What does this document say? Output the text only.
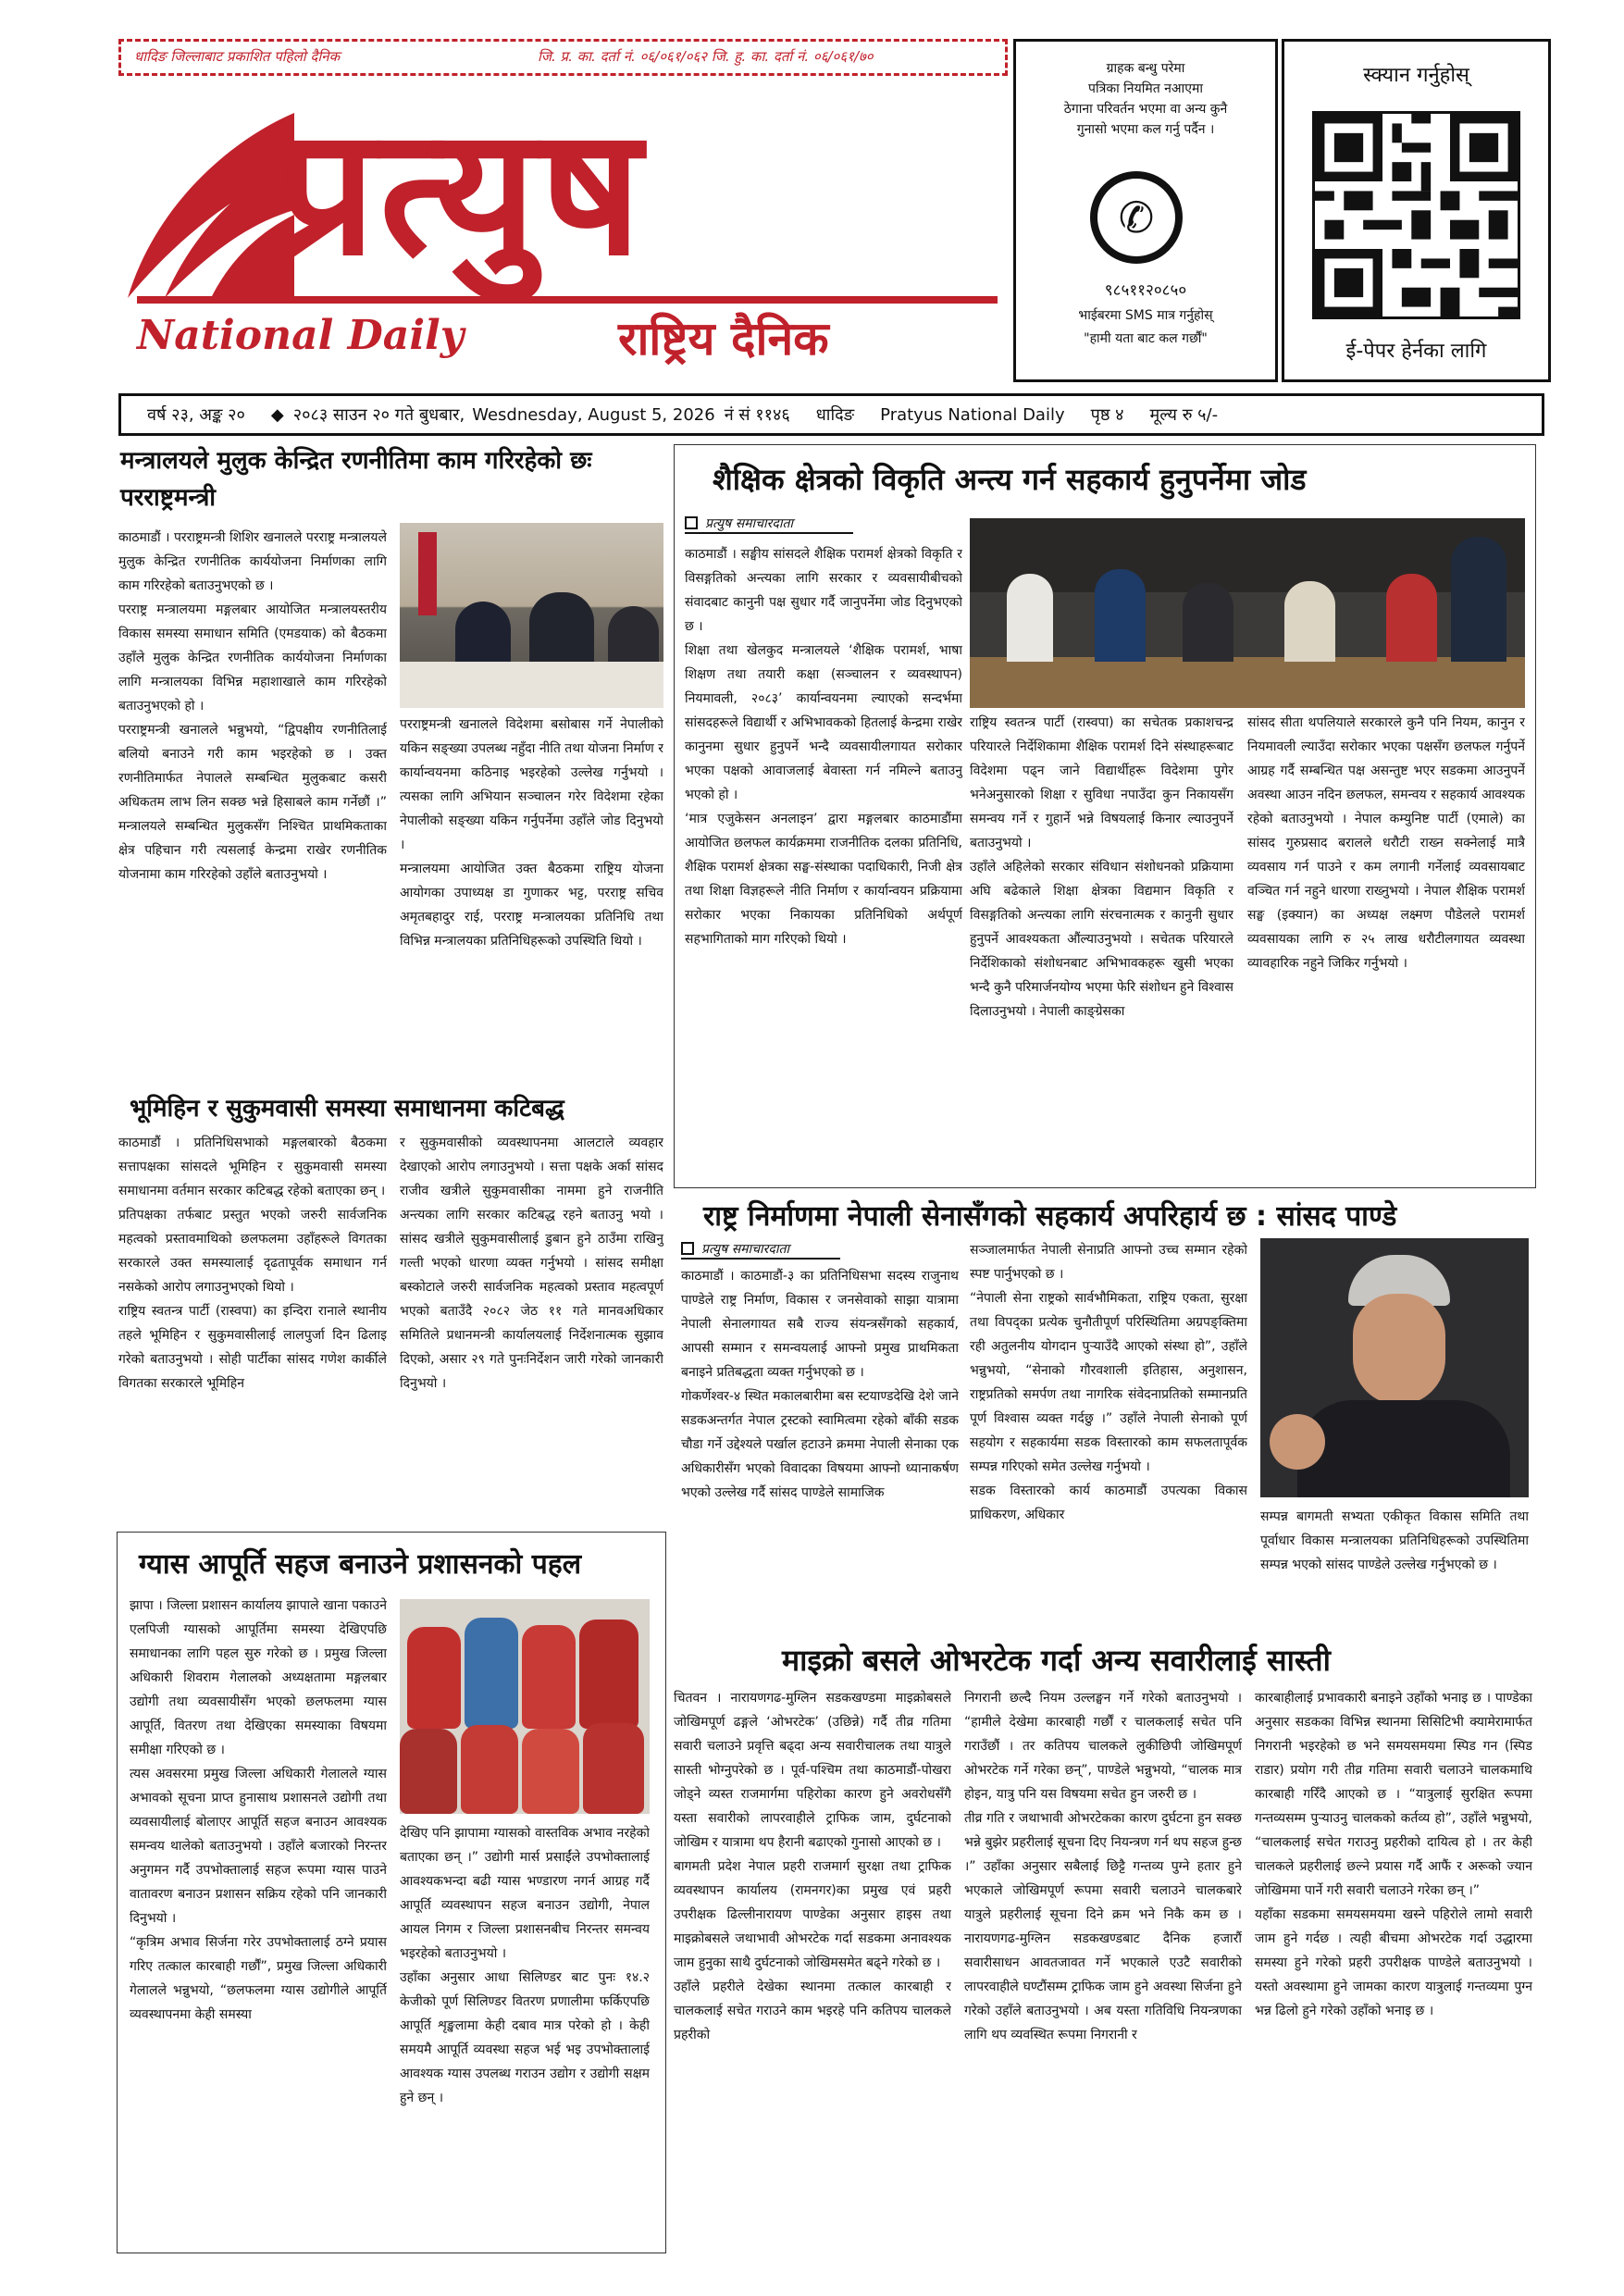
धादिङ जिल्लाबाट प्रकाशित पहिलो दैनिक	जि. प्र. का. दर्ता नं. ०६/०६१/०६२ जि. हु. का. दर्ता नं. ०६/०६१/७०
प्रत्युष
National Daily	राष्ट्रिय दैनिक
ग्राहक बन्धु परेमा
पत्रिका नियमित नआएमा
ठेगाना परिवर्तन भएमा वा अन्य कुनै
गुनासो भएमा कल गर्नु पर्दैन ।
✆
९८५११२०८५०
भाईबरमा SMS मात्र गर्नुहोस्
"हामी यता बाट कल गर्छौं"
स्क्यान गर्नुहोस्
ई-पेपर हेर्नका लागि
वर्ष २३, अङ्क २० ◆ २०८३ साउन २० गते बुधबार, Wesdnesday, August 5, 2026 नं सं ११४६ धादिङ Pratyus National Daily पृष्ठ ४ मूल्य रु ५/-
मन्त्रालयले मुलुक केन्द्रित रणनीतिमा काम गरिरहेको छः परराष्ट्रमन्त्री
काठमाडौं । परराष्ट्रमन्त्री शिशिर खनालले परराष्ट्र मन्त्रालयले मुलुक केन्द्रित रणनीतिक कार्ययोजना निर्माणका लागि काम गरिरहेको बताउनुभएको छ ।
परराष्ट्र मन्त्रालयमा मङ्गलबार आयोजित मन्त्रालयस्तरीय विकास समस्या समाधान समिति (एमडयाक) को बैठकमा उहाँले मुलुक केन्द्रित रणनीतिक कार्ययोजना निर्माणका लागि मन्त्रालयका विभिन्न महाशाखाले काम गरिरहेको बताउनुभएको हो ।
परराष्ट्रमन्त्री खनालले भन्नुभयो, “द्विपक्षीय रणनीतिलाई बलियो बनाउने गरी काम भइरहेको छ । उक्त रणनीतिमार्फत नेपालले सम्बन्धित मुलुकबाट कसरी अधिकतम लाभ लिन सक्छ भन्ने हिसाबले काम गर्नेछौं ।” मन्त्रालयले सम्बन्धित मुलुकसँग निश्चित प्राथमिकताका क्षेत्र पहिचान गरी त्यसलाई केन्द्रमा राखेर रणनीतिक योजनामा काम गरिरहेको उहाँले बताउनुभयो ।
परराष्ट्रमन्त्री खनालले विदेशमा बसोबास गर्ने नेपालीको यकिन सङ्ख्या उपलब्ध नहुँदा नीति तथा योजना निर्माण र कार्यान्वयनमा कठिनाइ भइरहेको उल्लेख गर्नुभयो । त्यसका लागि अभियान सञ्चालन गरेर विदेशमा रहेका नेपालीको सङ्ख्या यकिन गर्नुपर्नेमा उहाँले जोड दिनुभयो ।
मन्त्रालयमा आयोजित उक्त बैठकमा राष्ट्रिय योजना आयोगका उपाध्यक्ष डा गुणाकर भट्ट, परराष्ट्र सचिव अमृतबहादुर राई, परराष्ट्र मन्त्रालयका प्रतिनिधि तथा विभिन्न मन्त्रालयका प्रतिनिधिहरूको उपस्थिति थियो ।
भूमिहिन र सुकुमवासी समस्या समाधानमा कटिबद्ध
काठमाडौं । प्रतिनिधिसभाको मङ्गलबारको बैठकमा सत्तापक्षका सांसदले भूमिहिन र सुकुमवासी समस्या समाधानमा वर्तमान सरकार कटिबद्ध रहेको बताएका छन् ।
प्रतिपक्षका तर्फबाट प्रस्तुत भएको जरुरी सार्वजनिक महत्वको प्रस्तावमाथिको छलफलमा उहाँहरूले विगतका सरकारले उक्त समस्यालाई दृढतापूर्वक समाधान गर्न नसकेको आरोप लगाउनुभएको थियो ।
राष्ट्रिय स्वतन्त्र पार्टी (रास्वपा) का इन्दिरा रानाले स्थानीय तहले भूमिहिन र सुकुमवासीलाई लालपुर्जा दिन ढिलाइ गरेको बताउनुभयो । सोही पार्टीका सांसद गणेश कार्कीले विगतका सरकारले भूमिहिन
र सुकुमवासीको व्यवस्थापनमा आलटाले व्यवहार देखाएको आरोप लगाउनुभयो । सत्ता पक्षके अर्का सांसद राजीव खत्रीले सुकुमवासीका नाममा हुने राजनीति अन्त्यका लागि सरकार कटिबद्ध रहने बताउनु भयो । सांसद खत्रीले सुकुमवासीलाई डुबान हुने ठाउँमा राखिनु गल्ती भएको धारणा व्यक्त गर्नुभयो । सांसद समीक्षा बस्कोटाले जरुरी सार्वजनिक महत्वको प्रस्ताव महत्वपूर्ण भएको बताउँदै २०८२ जेठ ११ गते मानवअधिकार समितिले प्रधानमन्त्री कार्यालयलाई निर्देशनात्मक सुझाव दिएको, असार २९ गते पुनःनिर्देशन जारी गरेको जानकारी दिनुभयो ।
ग्यास आपूर्ति सहज बनाउने प्रशासनको पहल
झापा । जिल्ला प्रशासन कार्यालय झापाले खाना पकाउने एलपिजी ग्यासको आपूर्तिमा समस्या देखिएपछि समाधानका लागि पहल सुरु गरेको छ । प्रमुख जिल्ला अधिकारी शिवराम गेलालको अध्यक्षतामा मङ्गलबार उद्योगी तथा व्यवसायीसँग भएको छलफलमा ग्यास आपूर्ति, वितरण तथा देखिएका समस्याका विषयमा समीक्षा गरिएको छ ।
त्यस अवसरमा प्रमुख जिल्ला अधिकारी गेलालले ग्यास अभावको सूचना प्राप्त हुनासाथ प्रशासनले उद्योगी तथा व्यवसायीलाई बोलाएर आपूर्ति सहज बनाउन आवश्यक समन्वय थालेको बताउनुभयो । उहाँले बजारको निरन्तर अनुगमन गर्दै उपभोक्तालाई सहज रूपमा ग्यास पाउने वातावरण बनाउन प्रशासन सक्रिय रहेको पनि जानकारी दिनुभयो ।
“कृत्रिम अभाव सिर्जना गरेर उपभोक्तालाई ठग्ने प्रयास गरिए तत्काल कारबाही गर्छौं”, प्रमुख जिल्ला अधिकारी गेलालले भन्नुभयो, “छलफलमा ग्यास उद्योगीले आपूर्ति व्यवस्थापनमा केही समस्या
देखिए पनि झापामा ग्यासको वास्तविक अभाव नरहेको बताएका छन् ।” उद्योगी मार्स प्रसाईंले उपभोक्तालाई आवश्यकभन्दा बढी ग्यास भण्डारण नगर्न आग्रह गर्दै आपूर्ति व्यवस्थापन सहज बनाउन उद्योगी, नेपाल आयल निगम र जिल्ला प्रशासनबीच निरन्तर समन्वय भइरहेको बताउनुभयो ।
उहाँका अनुसार आधा सिलिण्डर बाट पुनः १४.२ केजीको पूर्ण सिलिण्डर वितरण प्रणालीमा फर्किएपछि आपूर्ति शृङ्खलामा केही दबाव मात्र परेको हो । केही समयमै आपूर्ति व्यवस्था सहज भई भइ उपभोक्तालाई आवश्यक ग्यास उपलब्ध गराउन उद्योग र उद्योगी सक्षम हुने छन् ।
शैक्षिक क्षेत्रको विकृति अन्त्य गर्न सहकार्य हुनुपर्नेमा जोड
प्रत्युष समाचारदाता
काठमाडौं । सङ्घीय सांसदले शैक्षिक परामर्श क्षेत्रको विकृति र विसङ्गतिको अन्त्यका लागि सरकार र व्यवसायीबीचको संवादबाट कानुनी पक्ष सुधार गर्दै जानुपर्नेमा जोड दिनुभएको छ ।
शिक्षा तथा खेलकुद मन्त्रालयले ‘शैक्षिक परामर्श, भाषा शिक्षण तथा तयारी कक्षा (सञ्चालन र व्यवस्थापन) नियमावली, २०८३’ कार्यान्वयनमा ल्याएको सन्दर्भमा सांसदहरूले विद्यार्थी र अभिभावकको हितलाई केन्द्रमा राखेर कानुनमा सुधार हुनुपर्ने भन्दै व्यवसायीलगायत सरोकार भएका पक्षको आवाजलाई बेवास्ता गर्न नमिल्ने बताउनु भएको हो ।
‘मात्र एजुकेसन अनलाइन’ द्वारा मङ्गलबार काठमाडौंमा आयोजित छलफल कार्यक्रममा राजनीतिक दलका प्रतिनिधि, शैक्षिक परामर्श क्षेत्रका सङ्घ-संस्थाका पदाधिकारी, निजी क्षेत्र तथा शिक्षा विज्ञहरूले नीति निर्माण र कार्यान्वयन प्रक्रियामा सरोकार भएका निकायका प्रतिनिधिको अर्थपूर्ण सहभागिताको माग गरिएको थियो ।
राष्ट्रिय स्वतन्त्र पार्टी (रास्वपा) का सचेतक प्रकाशचन्द्र परियारले निर्देशिकामा शैक्षिक परामर्श दिने संस्थाहरूबाट विदेशमा पढ्न जाने विद्यार्थीहरू विदेशमा पुगेर भनेअनुसारको शिक्षा र सुविधा नपाउँदा कुन निकायसँग समन्वय गर्ने र गुहार्ने भन्ने विषयलाई किनार ल्याउनुपर्ने बताउनुभयो ।
उहाँले अहिलेको सरकार संविधान संशोधनको प्रक्रियामा अघि बढेकाले शिक्षा क्षेत्रका विद्यमान विकृति र विसङ्गतिको अन्त्यका लागि संरचनात्मक र कानुनी सुधार हुनुपर्ने आवश्यकता औंल्याउनुभयो । सचेतक परियारले निर्देशिकाको संशोधनबाट अभिभावकहरू खुसी भएका भन्दै कुनै परिमार्जनयोग्य भएमा फेरि संशोधन हुने विश्वास दिलाउनुभयो । नेपाली काङ्ग्रेसका
सांसद सीता थपलियाले सरकारले कुनै पनि नियम, कानुन र नियमावली ल्याउँदा सरोकार भएका पक्षसँग छलफल गर्नुपर्ने आग्रह गर्दै सम्बन्धित पक्ष असन्तुष्ट भएर सडकमा आउनुपर्ने अवस्था आउन नदिन छलफल, समन्वय र सहकार्य आवश्यक रहेको बताउनुभयो । नेपाल कम्युनिष्ट पार्टी (एमाले) का सांसद गुरुप्रसाद बरालले धरौटी राख्न सक्नेलाई मात्रै व्यवसाय गर्न पाउने र कम लगानी गर्नेलाई व्यवसायबाट वञ्चित गर्न नहुने धारणा राख्नुभयो । नेपाल शैक्षिक परामर्श सङ्घ (इक्यान) का अध्यक्ष लक्ष्मण पौडेलले परामर्श व्यवसायका लागि रु २५ लाख धरौटीलगायत व्यवस्था व्यावहारिक नहुने जिकिर गर्नुभयो ।
राष्ट्र निर्माणमा नेपाली सेनासँगको सहकार्य अपरिहार्य छ : सांसद पाण्डे
प्रत्युष समाचारदाता
काठमाडौं । काठमाडौं-३ का प्रतिनिधिसभा सदस्य राजुनाथ पाण्डेले राष्ट्र निर्माण, विकास र जनसेवाको साझा यात्रामा नेपाली सेनालगायत सबै राज्य संयन्त्रसँगको सहकार्य, आपसी सम्मान र समन्वयलाई आफ्नो प्रमुख प्राथमिकता बनाइने प्रतिबद्धता व्यक्त गर्नुभएको छ ।
गोकर्णेश्वर-४ स्थित मकालबारीमा बस स्टयाण्डदेखि देशे जाने सडकअन्तर्गत नेपाल ट्रस्टको स्वामित्वमा रहेको बाँकी सडक चौडा गर्ने उद्देश्यले पर्खाल हटाउने क्रममा नेपाली सेनाका एक अधिकारीसँग भएको विवादका विषयमा आफ्नो ध्यानाकर्षण भएको उल्लेख गर्दै सांसद पाण्डेले सामाजिक
सञ्जालमार्फत नेपाली सेनाप्रति आफ्नो उच्च सम्मान रहेको स्पष्ट पार्नुभएको छ ।
“नेपाली सेना राष्ट्रको सार्वभौमिकता, राष्ट्रिय एकता, सुरक्षा तथा विपद्का प्रत्येक चुनौतीपूर्ण परिस्थितिमा अग्रपङ्क्तिमा रही अतुलनीय योगदान पुऱ्याउँदै आएको संस्था हो”, उहाँले भन्नुभयो, “सेनाको गौरवशाली इतिहास, अनुशासन, राष्ट्रप्रतिको समर्पण तथा नागरिक संवेदनाप्रतिको सम्मानप्रति पूर्ण विश्वास व्यक्त गर्दछु ।” उहाँले नेपाली सेनाको पूर्ण सहयोग र सहकार्यमा सडक विस्तारको काम सफलतापूर्वक सम्पन्न गरिएको समेत उल्लेख गर्नुभयो ।
सडक विस्तारको कार्य काठमाडौं उपत्यका विकास प्राधिकरण, अधिकार	सम्पन्न बागमती सभ्यता एकीकृत विकास समिति तथा पूर्वाधार विकास मन्त्रालयका प्रतिनिधिहरूको उपस्थितिमा सम्पन्न भएको सांसद पाण्डेले उल्लेख गर्नुभएको छ ।
माइक्रो बसले ओभरटेक गर्दा अन्य सवारीलाई सास्ती
चितवन । नारायणगढ-मुग्लिन सडकखण्डमा माइक्रोबसले जोखिमपूर्ण ढङ्गले ‘ओभरटेक’ (उछिन्ने) गर्दै तीव्र गतिमा सवारी चलाउने प्रवृत्ति बढ्दा अन्य सवारीचालक तथा यात्रुले सास्ती भोग्नुपरेको छ । पूर्व-पश्चिम तथा काठमाडौं-पोखरा जोड्ने व्यस्त राजमार्गमा पहिरोका कारण हुने अवरोधसँगै यस्ता सवारीको लापरवाहीले ट्राफिक जाम, दुर्घटनाको जोखिम र यात्रामा थप हैरानी बढाएको गुनासो आएको छ ।
बागमती प्रदेश नेपाल प्रहरी राजमार्ग सुरक्षा तथा ट्राफिक व्यवस्थापन कार्यालय (रामनगर)का प्रमुख एवं प्रहरी उपरीक्षक ढिल्लीनारायण पाण्डेका अनुसार हाइस तथा माइक्रोबसले जथाभावी ओभरटेक गर्दा सडकमा अनावश्यक जाम हुनुका साथै दुर्घटनाको जोखिमसमेत बढ्ने गरेको छ ।
उहाँले प्रहरीले देखेका स्थानमा तत्काल कारबाही र चालकलाई सचेत गराउने काम भइरहे पनि कतिपय चालकले प्रहरीको
निगरानी छल्दै नियम उल्लङ्घन गर्ने गरेको बताउनुभयो । “हामीले देखेमा कारबाही गर्छौं र चालकलाई सचेत पनि गराउँछौं । तर कतिपय चालकले लुकीछिपी जोखिमपूर्ण ओभरटेक गर्ने गरेका छन्”, पाण्डेले भन्नुभयो, “चालक मात्र होइन, यात्रु पनि यस विषयमा सचेत हुन जरुरी छ ।
तीव्र गति र जथाभावी ओभरटेकका कारण दुर्घटना हुन सक्छ भन्ने बुझेर प्रहरीलाई सूचना दिए नियन्त्रण गर्न थप सहज हुन्छ ।” उहाँका अनुसार सबैलाई छिट्टै गन्तव्य पुग्ने हतार हुने भएकाले जोखिमपूर्ण रूपमा सवारी चलाउने चालकबारे यात्रुले प्रहरीलाई सूचना दिने क्रम भने निकै कम छ । नारायणगढ-मुग्लिन सडकखण्डबाट दैनिक हजारौं सवारीसाधन आवतजावत गर्ने भएकाले एउटै सवारीको लापरवाहीले घण्टौंसम्म ट्राफिक जाम हुने अवस्था सिर्जना हुने गरेको उहाँले बताउनुभयो । अब यस्ता गतिविधि नियन्त्रणका लागि थप व्यवस्थित रूपमा निगरानी र
कारबाहीलाई प्रभावकारी बनाइने उहाँको भनाइ छ । पाण्डेका अनुसार सडकका विभिन्न स्थानमा सिसिटिभी क्यामेरामार्फत निगरानी भइरहेको छ भने समयसमयमा स्पिड गन (स्पिड राडार) प्रयोग गरी तीव्र गतिमा सवारी चलाउने चालकमाथि कारबाही गरिँदै आएको छ । “यात्रुलाई सुरक्षित रूपमा गन्तव्यसम्म पुऱ्याउनु चालकको कर्तव्य हो”, उहाँले भन्नुभयो, “चालकलाई सचेत गराउनु प्रहरीको दायित्व हो । तर केही चालकले प्रहरीलाई छल्ने प्रयास गर्दै आफैं र अरूको ज्यान जोखिममा पार्ने गरी सवारी चलाउने गरेका छन् ।”
यहाँका सडकमा समयसमयमा खस्ने पहिरोले लामो सवारी जाम हुने गर्दछ । त्यही बीचमा ओभरटेक गर्दा उद्धारमा समस्या हुने गरेको प्रहरी उपरीक्षक पाण्डेले बताउनुभयो । यस्तो अवस्थामा हुने जामका कारण यात्रुलाई गन्तव्यमा पुग्न भन्न ढिलो हुने गरेको उहाँको भनाइ छ ।
